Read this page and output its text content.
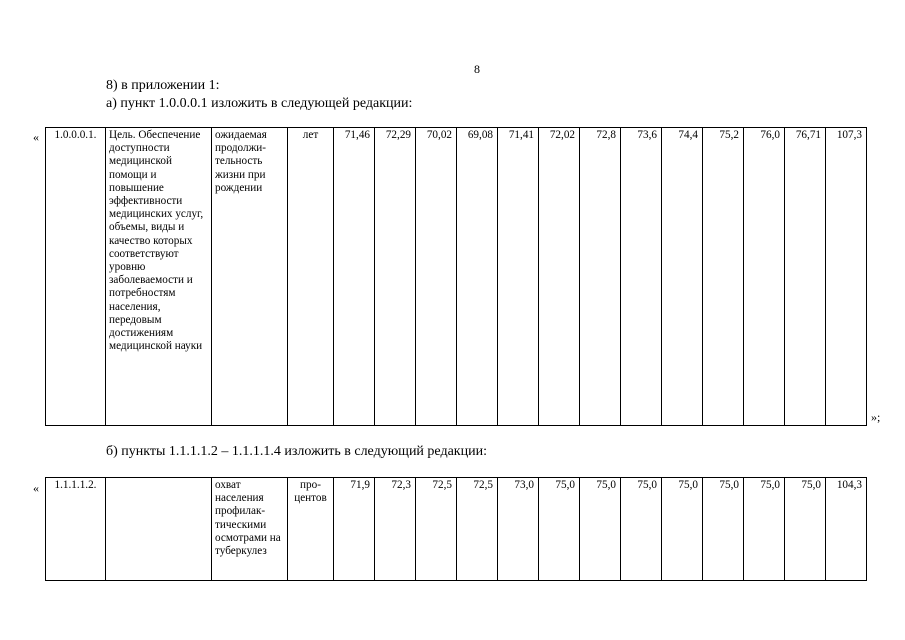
8
8) в приложении 1:
а) пункт 1.0.0.0.1 изложить в следующей редакции:
« 1.0.0.0.1.	Цель. Обеспечение доступности медицинской помощи и повышение эффективности медицинских услуг, объемы, виды и качество которых соответствуют уровню заболеваемости и потребностям населения, передовым достижениям медицинской науки	ожидаемая продолжи-тельность жизни при рождении	лет	71,46	72,29	70,02	69,08	71,41	72,02	72,8	73,6	74,4	75,2	76,0	76,71	107,3
»;
б) пункты 1.1.1.1.2 – 1.1.1.1.4 изложить в следующий редакции:
« 1.1.1.1.2.		охват населения профилак-тическими осмотрами на туберкулез	про-центов	71,9	72,3	72,5	72,5	73,0	75,0	75,0	75,0	75,0	75,0	75,0	75,0	104,3
